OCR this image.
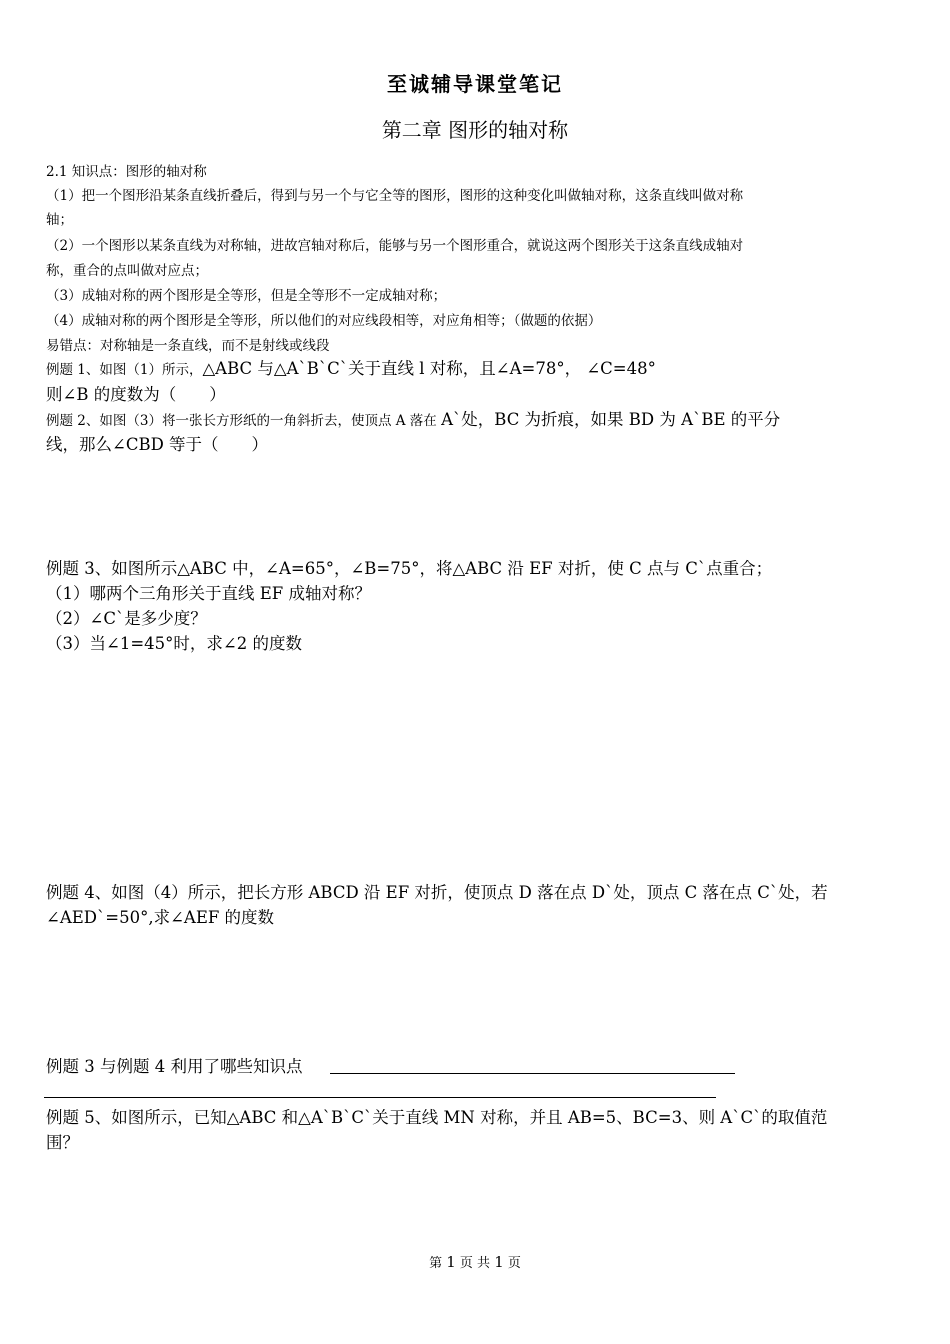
至诚辅导课堂笔记
第二章 图形的轴对称
2.1 知识点：图形的轴对称
（1）把一个图形沿某条直线折叠后，得到与另一个与它全等的图形，图形的这种变化叫做轴对称，这条直线叫做对称
轴；
（2）一个图形以某条直线为对称轴，进故宫轴对称后，能够与另一个图形重合，就说这两个图形关于这条直线成轴对
称，重合的点叫做对应点；
（3）成轴对称的两个图形是全等形，但是全等形不一定成轴对称；
（4）成轴对称的两个图形是全等形，所以他们的对应线段相等，对应角相等；（做题的依据）
易错点：对称轴是一条直线，而不是射线或线段
例题 1、如图（1）所示，△ABC 与△A`B`C`关于直线 l 对称，且∠A=78°， ∠C=48°
则∠B 的度数为（　　）
例题 2、如图（3）将一张长方形纸的一角斜折去，使顶点 A 落在 A`处，BC 为折痕，如果 BD 为 A`BE 的平分
线，那么∠CBD 等于（　　）
例题 3、如图所示△ABC 中，∠A=65°，∠B=75°，将△ABC 沿 EF 对折，使 C 点与 C`点重合；
（1）哪两个三角形关于直线 EF 成轴对称？
（2）∠C`是多少度？
（3）当∠1=45°时，求∠2 的度数
例题 4、如图（4）所示，把长方形 ABCD 沿 EF 对折，使顶点 D 落在点 D`处，顶点 C 落在点 C`处，若
∠AED`=50°,求∠AEF 的度数
例题 3 与例题 4 利用了哪些知识点
例题 5、如图所示，已知△ABC 和△A`B`C`关于直线 MN 对称，并且 AB=5、BC=3、则 A`C`的取值范
围？
第 1 页 共 1 页
